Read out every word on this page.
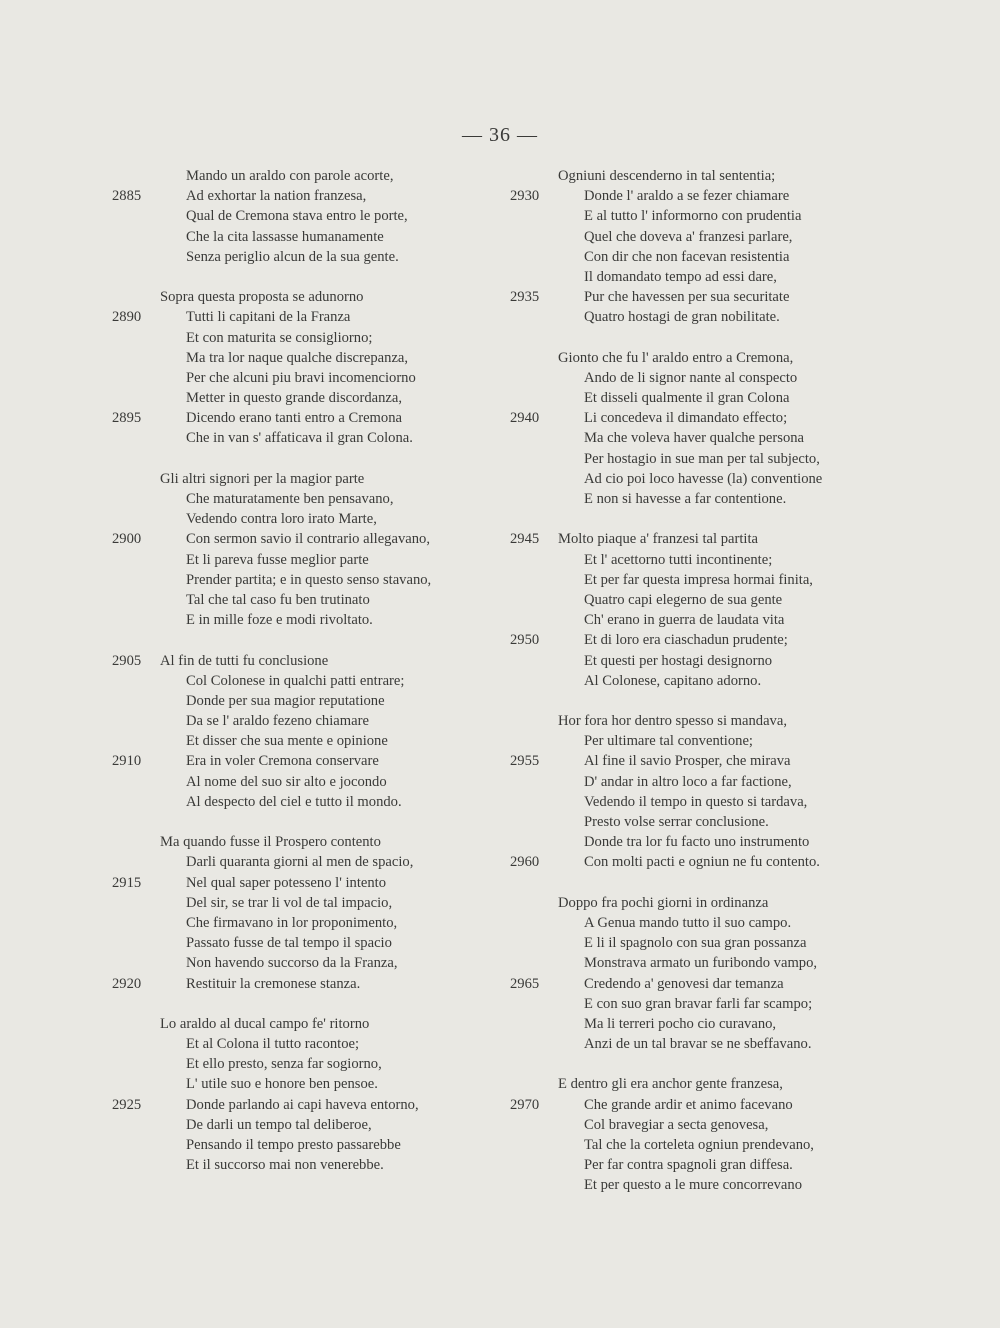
— 36 —
Mando un araldo con parole acorte,
2885	Ad exhortar la nation franzesa,
Qual de Cremona stava entro le porte,
Che la cita lassasse humanamente
Senza periglio alcun de la sua gente.
Sopra questa proposta se adunorno
2890	Tutti li capitani de la Franza
Et con maturita se consigliorno;
Ma tra lor naque qualche discrepanza,
Per che alcuni piu bravi incomenciorno
Metter in questo grande discordanza,
2895	Dicendo erano tanti entro a Cremona
Che in van s' affaticava il gran Colona.
Gli altri signori per la magior parte
Che maturatamente ben pensavano,
Vedendo contra loro irato Marte,
2900	Con sermon savio il contrario allegavano,
Et li pareva fusse meglior parte
Prender partita; e in questo senso stavano,
Tal che tal caso fu ben trutinato
E in mille foze e modi rivoltato.
2905	Al fin de tutti fu conclusione
Col Colonese in qualchi patti entrare;
Donde per sua magior reputatione
Da se l' araldo fezeno chiamare
Et disser che sua mente e opinione
2910	Era in voler Cremona conservare
Al nome del suo sir alto e jocondo
Al despecto del ciel e tutto il mondo.
Ma quando fusse il Prospero contento
Darli quaranta giorni al men de spacio,
2915	Nel qual saper potesseno l' intento
Del sir, se trar li vol de tal impacio,
Che firmavano in lor proponimento,
Passato fusse de tal tempo il spacio
Non havendo succorso da la Franza,
2920	Restituir la cremonese stanza.
Lo araldo al ducal campo fe' ritorno
Et al Colona il tutto racontoe;
Et ello presto, senza far sogiorno,
L' utile suo e honore ben pensoe.
2925	Donde parlando ai capi haveva entorno,
De darli un tempo tal deliberoe,
Pensando il tempo presto passarebbe
Et il succorso mai non venerebbe.
Ogniuni descenderno in tal sententia;
2930	Donde l' araldo a se fezer chiamare
E al tutto l' informorno con prudentia
Quel che doveva a' franzesi parlare,
Con dir che non facevan resistentia
Il domandato tempo ad essi dare,
2935	Pur che havessen per sua securitate
Quatro hostagi de gran nobilitate.
Gionto che fu l' araldo entro a Cremona,
Ando de li signor nante al conspecto
Et disseli qualmente il gran Colona
2940	Li concedeva il dimandato effecto;
Ma che voleva haver qualche persona
Per hostagio in sue man per tal subjecto,
Ad cio poi loco havesse (la) conventione
E non si havesse a far contentione.
2945	Molto piaque a' franzesi tal partita
Et l' acettorno tutti incontinente;
Et per far questa impresa hormai finita,
Quatro capi elegerno de sua gente
Ch' erano in guerra de laudata vita
2950	Et di loro era ciaschadun prudente;
Et questi per hostagi designorno
Al Colonese, capitano adorno.
Hor fora hor dentro spesso si mandava,
Per ultimare tal conventione;
2955	Al fine il savio Prosper, che mirava
D' andar in altro loco a far factione,
Vedendo il tempo in questo si tardava,
Presto volse serrar conclusione.
Donde tra lor fu facto uno instrumento
2960	Con molti pacti e ogniun ne fu contento.
Doppo fra pochi giorni in ordinanza
A Genua mando tutto il suo campo.
E li il spagnolo con sua gran possanza
Monstrava armato un furibondo vampo,
2965	Credendo a' genovesi dar temanza
E con suo gran bravar farli far scampo;
Ma li terreri pocho cio curavano,
Anzi de un tal bravar se ne sbeffavano.
E dentro gli era anchor gente franzesa,
2970	Che grande ardir et animo facevano
Col bravegiar a secta genovesa,
Tal che la corteleta ogniun prendevano,
Per far contra spagnoli gran diffesa.
Et per questo a le mure concorrevano
